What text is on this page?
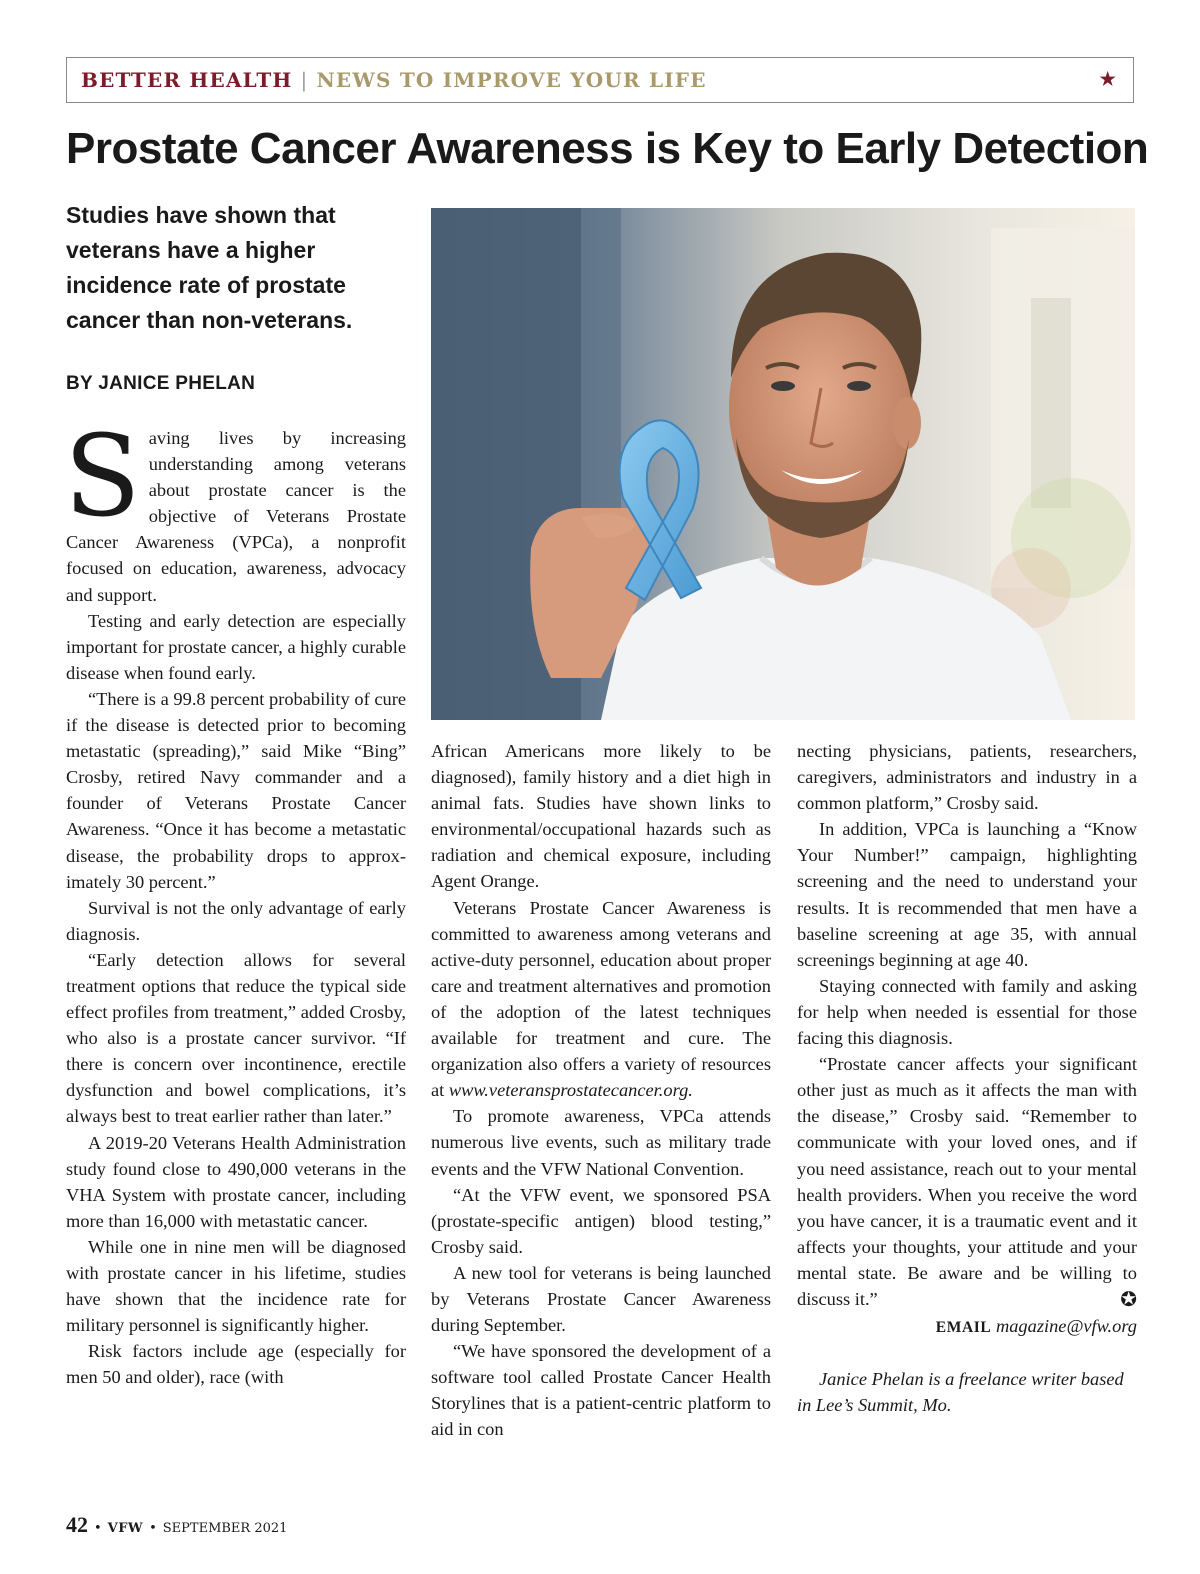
BETTER HEALTH | NEWS TO IMPROVE YOUR LIFE	★
Prostate Cancer Awareness is Key to Early Detection

Studies have shown that veterans have a higher incidence rate of prostate cancer than non-veterans.

BY JANICE PHELAN

Saving lives by increasing understanding among veterans about prostate cancer is the objective of Veterans Prostate Cancer Awareness (VPCa), a nonprofit focused on education, awareness, advocacy and support.

Testing and early detection are especially important for prostate cancer, a highly curable disease when found early.

“There is a 99.8 percent probability of cure if the disease is detected prior to becoming metastatic (spreading),” said Mike “Bing” Crosby, retired Navy commander and a founder of Veterans Prostate Cancer Awareness. “Once it has become a metastatic disease, the probability drops to approximately 30 percent.”

Survival is not the only advantage of early diagnosis.

“Early detection allows for several treatment options that reduce the typical side effect profiles from treatment,” added Crosby, who also is a prostate cancer survivor. “If there is concern over incontinence, erectile dysfunction and bowel complications, it’s always best to treat earlier rather than later.”

A 2019-20 Veterans Health Administration study found close to 490,000 veterans in the VHA System with prostate cancer, including more than 16,000 with metastatic cancer.

While one in nine men will be diagnosed with prostate cancer in his lifetime, studies have shown that the incidence rate for military personnel is significantly higher.

Risk factors include age (especially for men 50 and older), race (with

African Americans more likely to be diagnosed), family history and a diet high in animal fats. Studies have shown links to environmental/occupational hazards such as radiation and chemical exposure, including Agent Orange.

Veterans Prostate Cancer Awareness is committed to awareness among veterans and active-duty personnel, education about proper care and treatment alternatives and promotion of the adoption of the latest techniques available for treatment and cure. The organization also offers a variety of resources at www.veteransprostatecancer.org.

To promote awareness, VPCa attends numerous live events, such as military trade events and the VFW National Convention.

“At the VFW event, we sponsored PSA (prostate-specific antigen) blood testing,” Crosby said.

A new tool for veterans is being launched by Veterans Prostate Cancer Awareness during September.

“We have sponsored the development of a software tool called Prostate Cancer Health Storylines that is a patient-centric platform to aid in con

necting physicians, patients, researchers, caregivers, administrators and industry in a common platform,” Crosby said.

In addition, VPCa is launching a “Know Your Number!” campaign, highlighting screening and the need to understand your results. It is recommended that men have a baseline screening at age 35, with annual screenings beginning at age 40.

Staying connected with family and asking for help when needed is essential for those facing this diagnosis.

“Prostate cancer affects your significant other just as much as it affects the man with the disease,” Crosby said. “Remember to communicate with your loved ones, and if you need assistance, reach out to your mental health providers. When you receive the word you have cancer, it is a traumatic event and it affects your thoughts, your attitude and your mental state. Be aware and be willing to discuss it.”	✪

EMAIL magazine@vfw.org

Janice Phelan is a freelance writer based in Lee’s Summit, Mo.

42 • VFW • SEPTEMBER 2021
